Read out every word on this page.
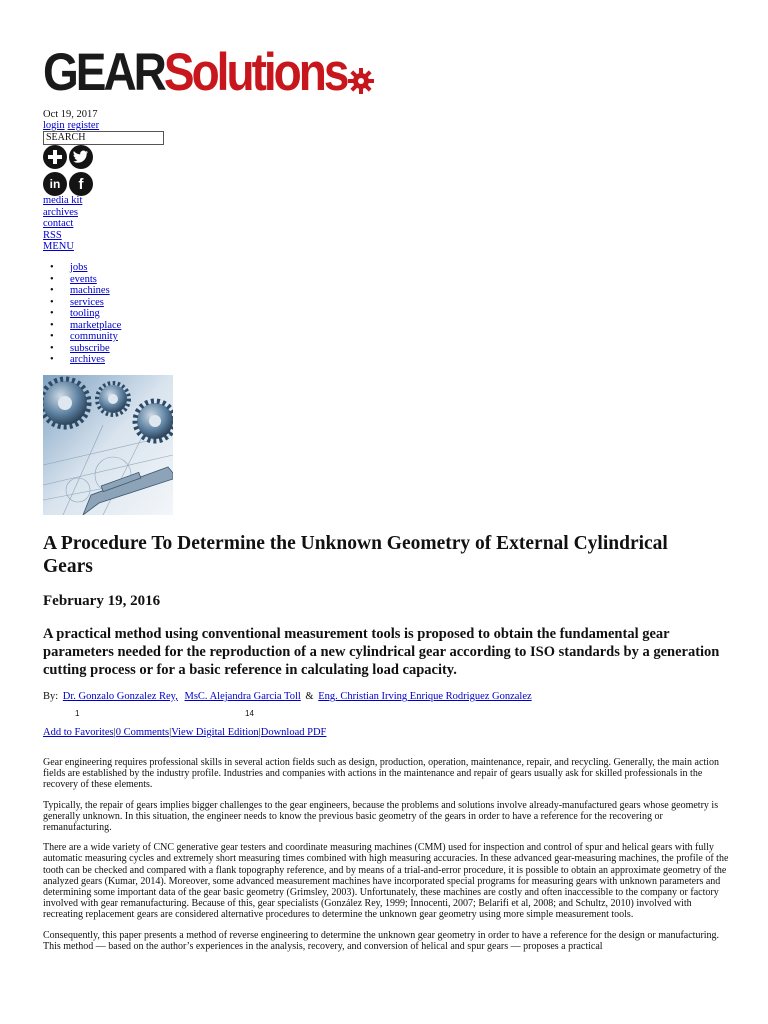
GEAR Solutions
Oct 19, 2017
login register
SEARCH
in	f
media kit
archives
contact
RSS
MENU
• jobs
• events
• machines
• services
• tooling
• marketplace
• community
• subscribe
• archives
A Procedure To Determine the Unknown Geometry of External Cylindrical Gears
February 19, 2016

A practical method using conventional measurement tools is proposed to obtain the fundamental gear parameters needed for the reproduction of a new cylindrical gear according to ISO standards by a generation cutting process or for a basic reference in calculating load capacity.

By: Dr. Gonzalo Gonzalez Rey, MsC. Alejandra Garcia Toll & Eng. Christian Irving Enrique Rodriguez Gonzalez
1	14
Add to Favorites|0 Comments|View Digital Edition|Download PDF

Gear engineering requires professional skills in several action fields such as design, production, operation, maintenance, repair, and recycling. Generally, the main action fields are established by the industry profile. Industries and companies with actions in the maintenance and repair of gears usually ask for skilled professionals in the recovery of these elements.

Typically, the repair of gears implies bigger challenges to the gear engineers, because the problems and solutions involve already-manufactured gears whose geometry is generally unknown. In this situation, the engineer needs to know the previous basic geometry of the gears in order to have a reference for the recovering or remanufacturing.

There are a wide variety of CNC generative gear testers and coordinate measuring machines (CMM) used for inspection and control of spur and helical gears with fully automatic measuring cycles and extremely short measuring times combined with high measuring accuracies. In these advanced gear-measuring machines, the profile of the tooth can be checked and compared with a flank topography reference, and by means of a trial-and-error procedure, it is possible to obtain an approximate geometry of the analyzed gears (Kumar, 2014). Moreover, some advanced measurement machines have incorporated special programs for measuring gears with unknown parameters and determining some important data of the gear basic geometry (Grimsley, 2003). Unfortunately, these machines are costly and often inaccessible to the company or factory involved with gear remanufacturing. Because of this, gear specialists (González Rey, 1999; Innocenti, 2007; Belarifi et al, 2008; and Schultz, 2010) involved with recreating replacement gears are considered alternative procedures to determine the unknown gear geometry using more simple measurement tools.

Consequently, this paper presents a method of reverse engineering to determine the unknown gear geometry in order to have a reference for the design or manufacturing. This method — based on the author’s experiences in the analysis, recovery, and conversion of helical and spur gears — proposes a practical
